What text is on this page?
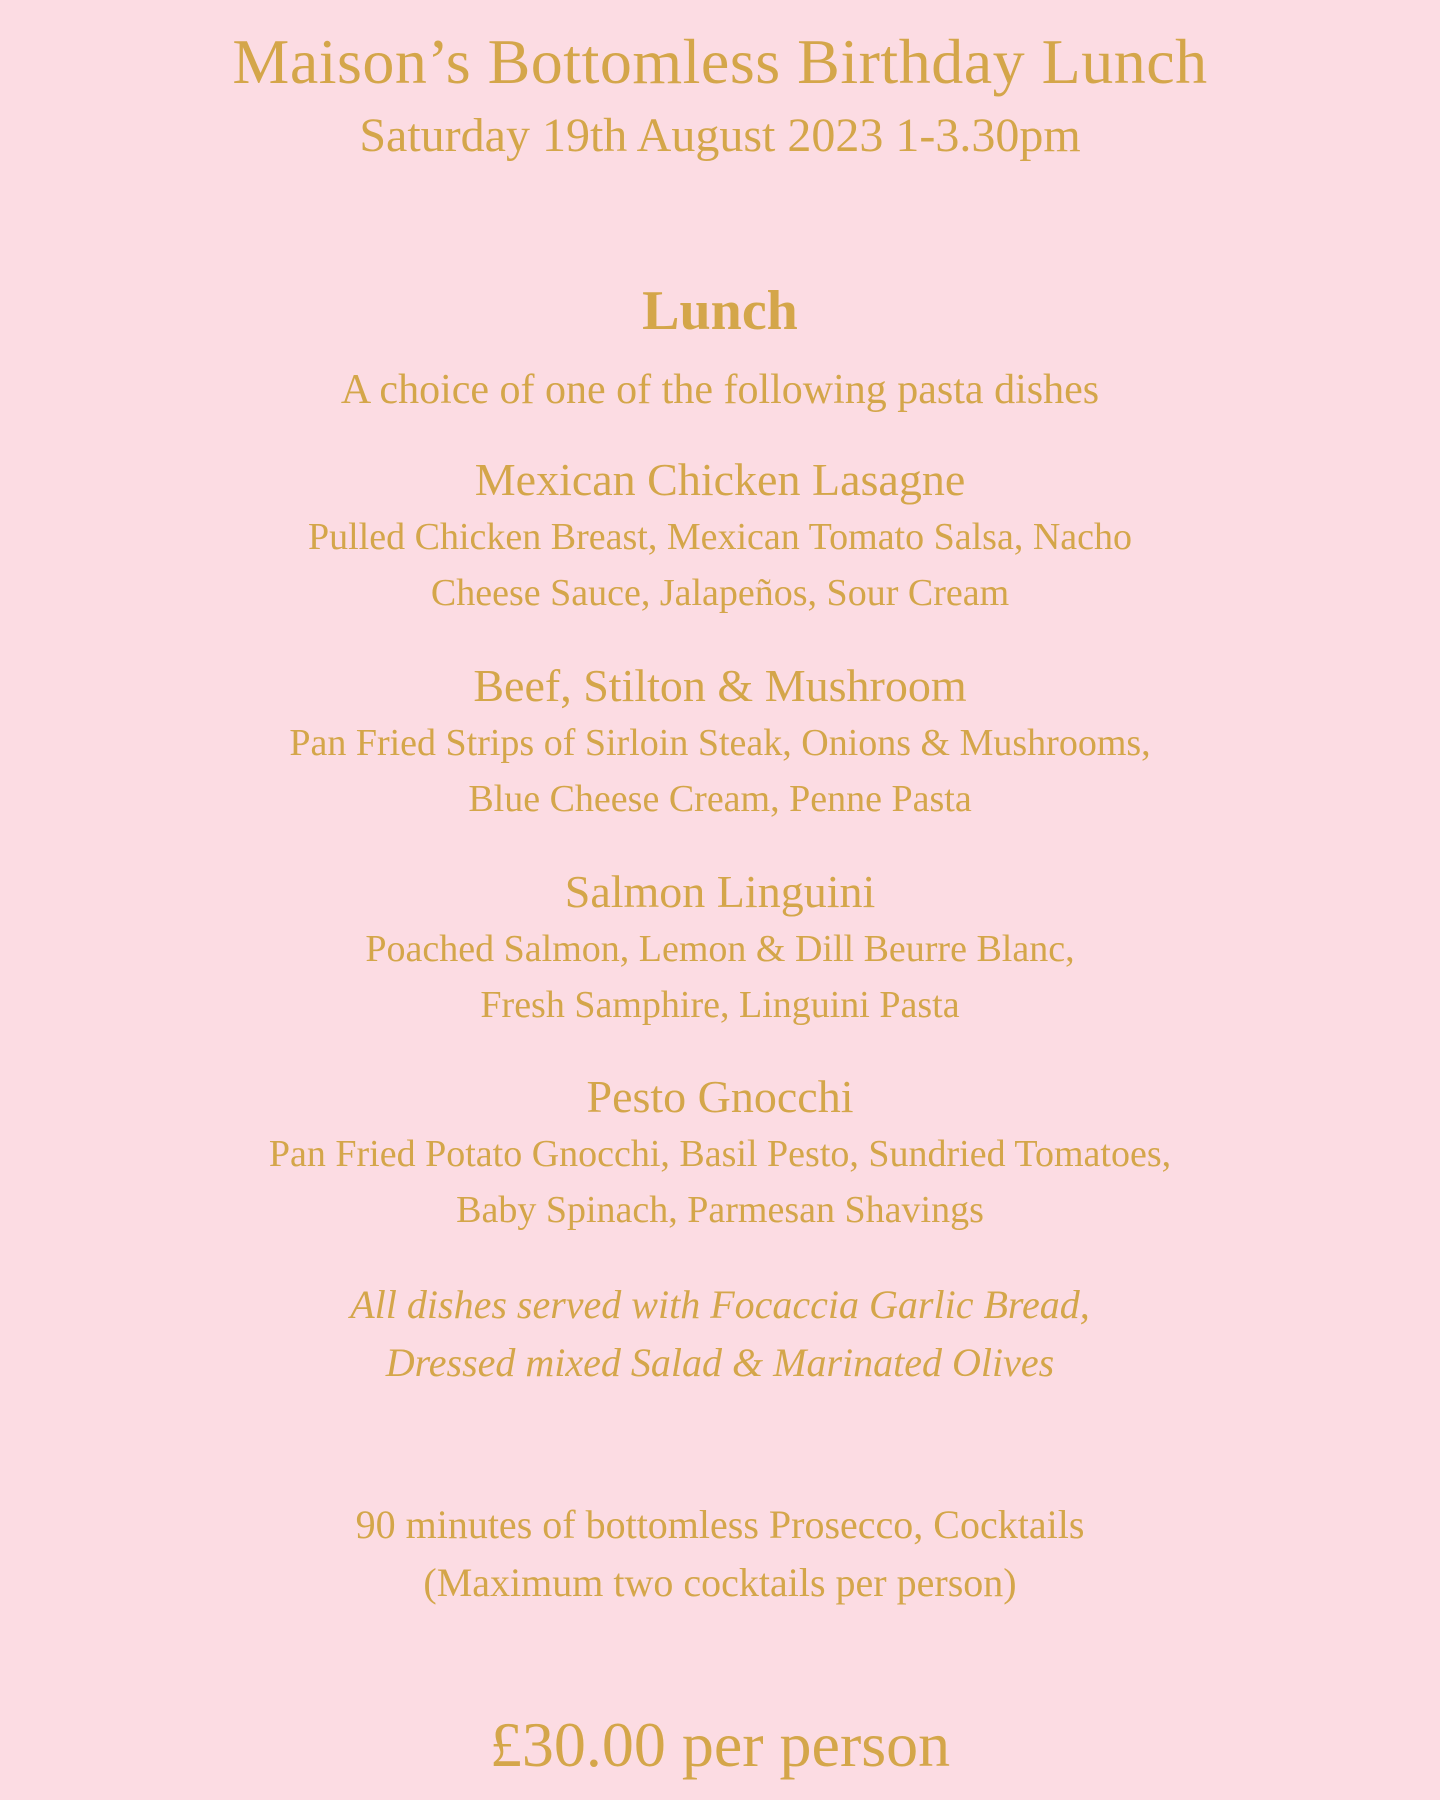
Maison’s Bottomless Birthday Lunch
Saturday 19th August 2023 1-3.30pm
Lunch
A choice of one of the following pasta dishes
Mexican Chicken Lasagne
Pulled Chicken Breast, Mexican Tomato Salsa, Nacho
Cheese Sauce, Jalapeños, Sour Cream
Beef, Stilton & Mushroom
Pan Fried Strips of Sirloin Steak, Onions & Mushrooms,
Blue Cheese Cream, Penne Pasta
Salmon Linguini
Poached Salmon, Lemon & Dill Beurre Blanc,
Fresh Samphire, Linguini Pasta
Pesto Gnocchi
Pan Fried Potato Gnocchi, Basil Pesto, Sundried Tomatoes,
Baby Spinach, Parmesan Shavings
All dishes served with Focaccia Garlic Bread,
Dressed mixed Salad & Marinated Olives
90 minutes of bottomless Prosecco, Cocktails
(Maximum two cocktails per person)
£30.00 per person
